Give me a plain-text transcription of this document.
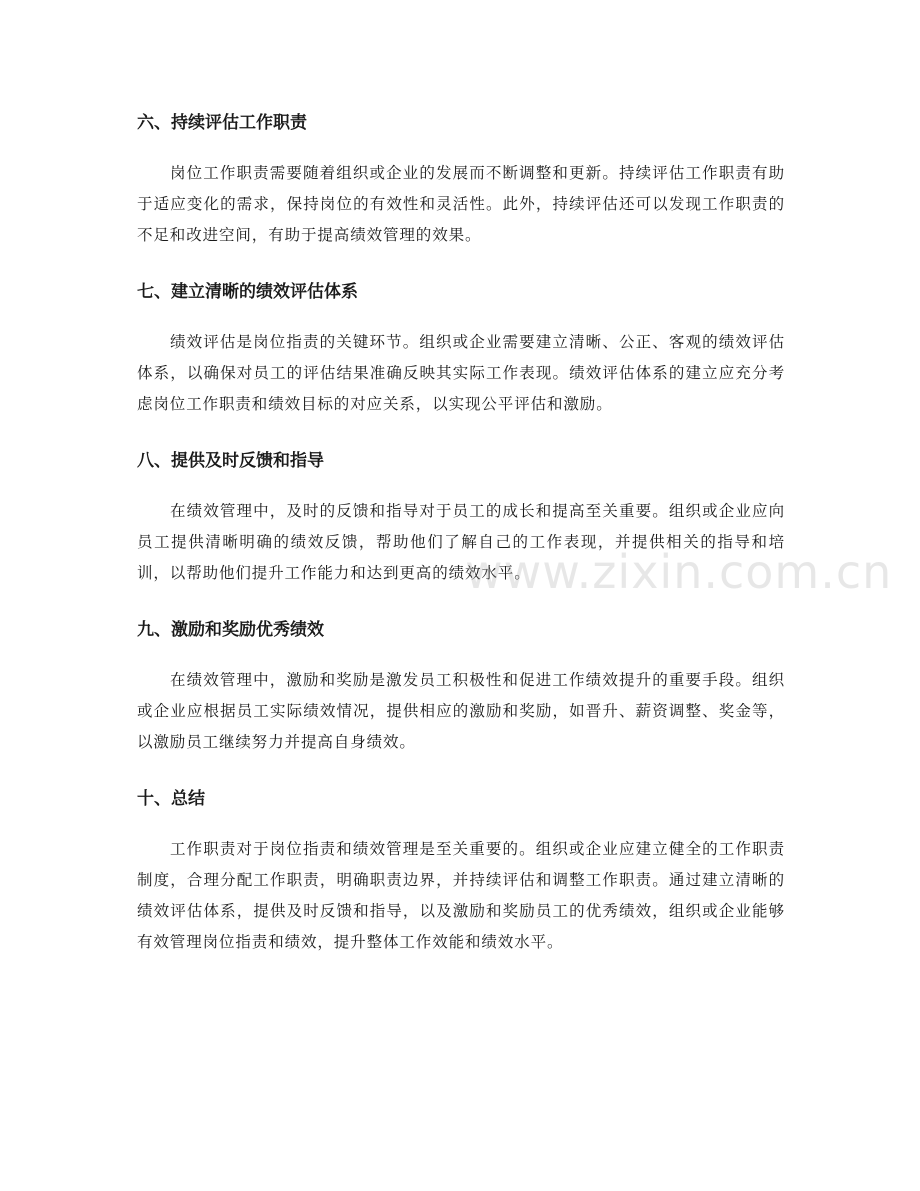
六、持续评估工作职责

岗位工作职责需要随着组织或企业的发展而不断调整和更新。持续评估工作职责有助于适应变化的需求，保持岗位的有效性和灵活性。此外，持续评估还可以发现工作职责的不足和改进空间，有助于提高绩效管理的效果。

七、建立清晰的绩效评估体系

绩效评估是岗位指责的关键环节。组织或企业需要建立清晰、公正、客观的绩效评估体系，以确保对员工的评估结果准确反映其实际工作表现。绩效评估体系的建立应充分考虑岗位工作职责和绩效目标的对应关系，以实现公平评估和激励。

八、提供及时反馈和指导

在绩效管理中，及时的反馈和指导对于员工的成长和提高至关重要。组织或企业应向员工提供清晰明确的绩效反馈，帮助他们了解自己的工作表现，并提供相关的指导和培训，以帮助他们提升工作能力和达到更高的绩效水平。

九、激励和奖励优秀绩效

在绩效管理中，激励和奖励是激发员工积极性和促进工作绩效提升的重要手段。组织或企业应根据员工实际绩效情况，提供相应的激励和奖励，如晋升、薪资调整、奖金等，以激励员工继续努力并提高自身绩效。

十、总结

工作职责对于岗位指责和绩效管理是至关重要的。组织或企业应建立健全的工作职责制度，合理分配工作职责，明确职责边界，并持续评估和调整工作职责。通过建立清晰的绩效评估体系，提供及时反馈和指导，以及激励和奖励员工的优秀绩效，组织或企业能够有效管理岗位指责和绩效，提升整体工作效能和绩效水平。

www.zixin.com.cn
